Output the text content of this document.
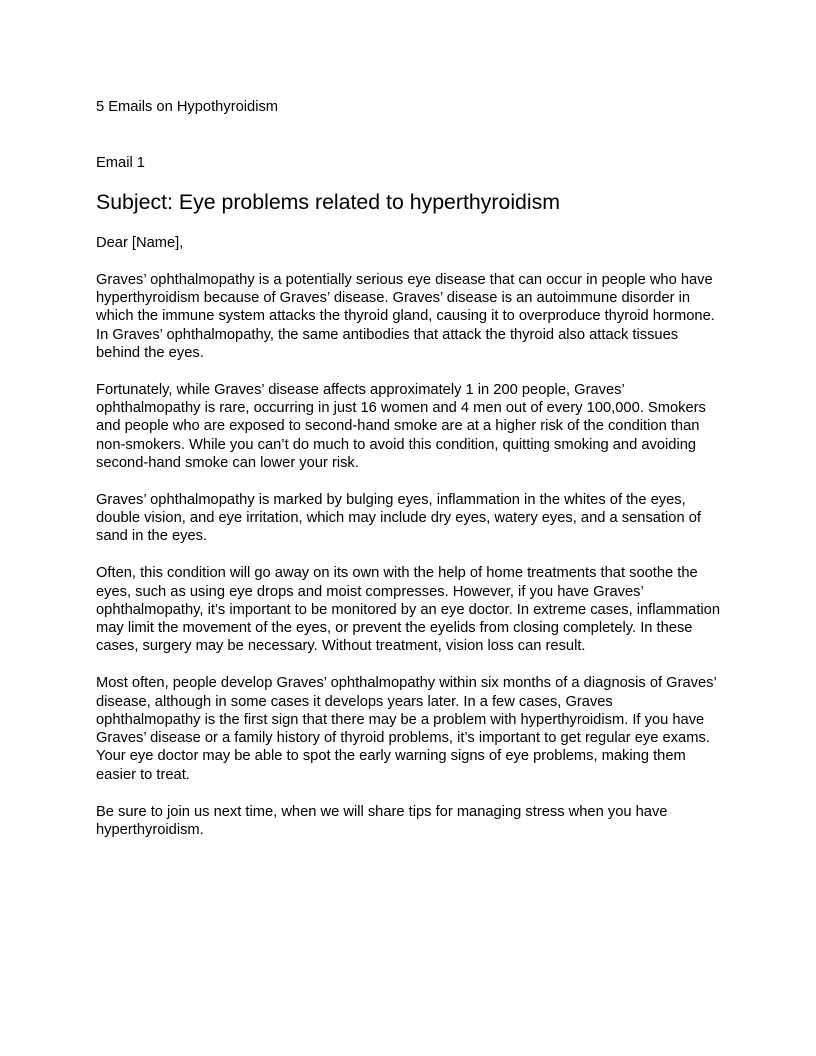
5 Emails on Hypothyroidism

Email 1

Subject: Eye problems related to hyperthyroidism

Dear [Name],

Graves’ ophthalmopathy is a potentially serious eye disease that can occur in people who have hyperthyroidism because of Graves’ disease. Graves’ disease is an autoimmune disorder in which the immune system attacks the thyroid gland, causing it to overproduce thyroid hormone. In Graves’ ophthalmopathy, the same antibodies that attack the thyroid also attack tissues behind the eyes.

Fortunately, while Graves’ disease affects approximately 1 in 200 people, Graves’ ophthalmopathy is rare, occurring in just 16 women and 4 men out of every 100,000. Smokers and people who are exposed to second-hand smoke are at a higher risk of the condition than non-smokers. While you can’t do much to avoid this condition, quitting smoking and avoiding second-hand smoke can lower your risk.

Graves’ ophthalmopathy is marked by bulging eyes, inflammation in the whites of the eyes, double vision, and eye irritation, which may include dry eyes, watery eyes, and a sensation of sand in the eyes.

Often, this condition will go away on its own with the help of home treatments that soothe the eyes, such as using eye drops and moist compresses. However, if you have Graves’ ophthalmopathy, it’s important to be monitored by an eye doctor. In extreme cases, inflammation may limit the movement of the eyes, or prevent the eyelids from closing completely. In these cases, surgery may be necessary. Without treatment, vision loss can result.

Most often, people develop Graves’ ophthalmopathy within six months of a diagnosis of Graves’ disease, although in some cases it develops years later. In a few cases, Graves ophthalmopathy is the first sign that there may be a problem with hyperthyroidism. If you have Graves’ disease or a family history of thyroid problems, it’s important to get regular eye exams. Your eye doctor may be able to spot the early warning signs of eye problems, making them easier to treat.

Be sure to join us next time, when we will share tips for managing stress when you have hyperthyroidism.
